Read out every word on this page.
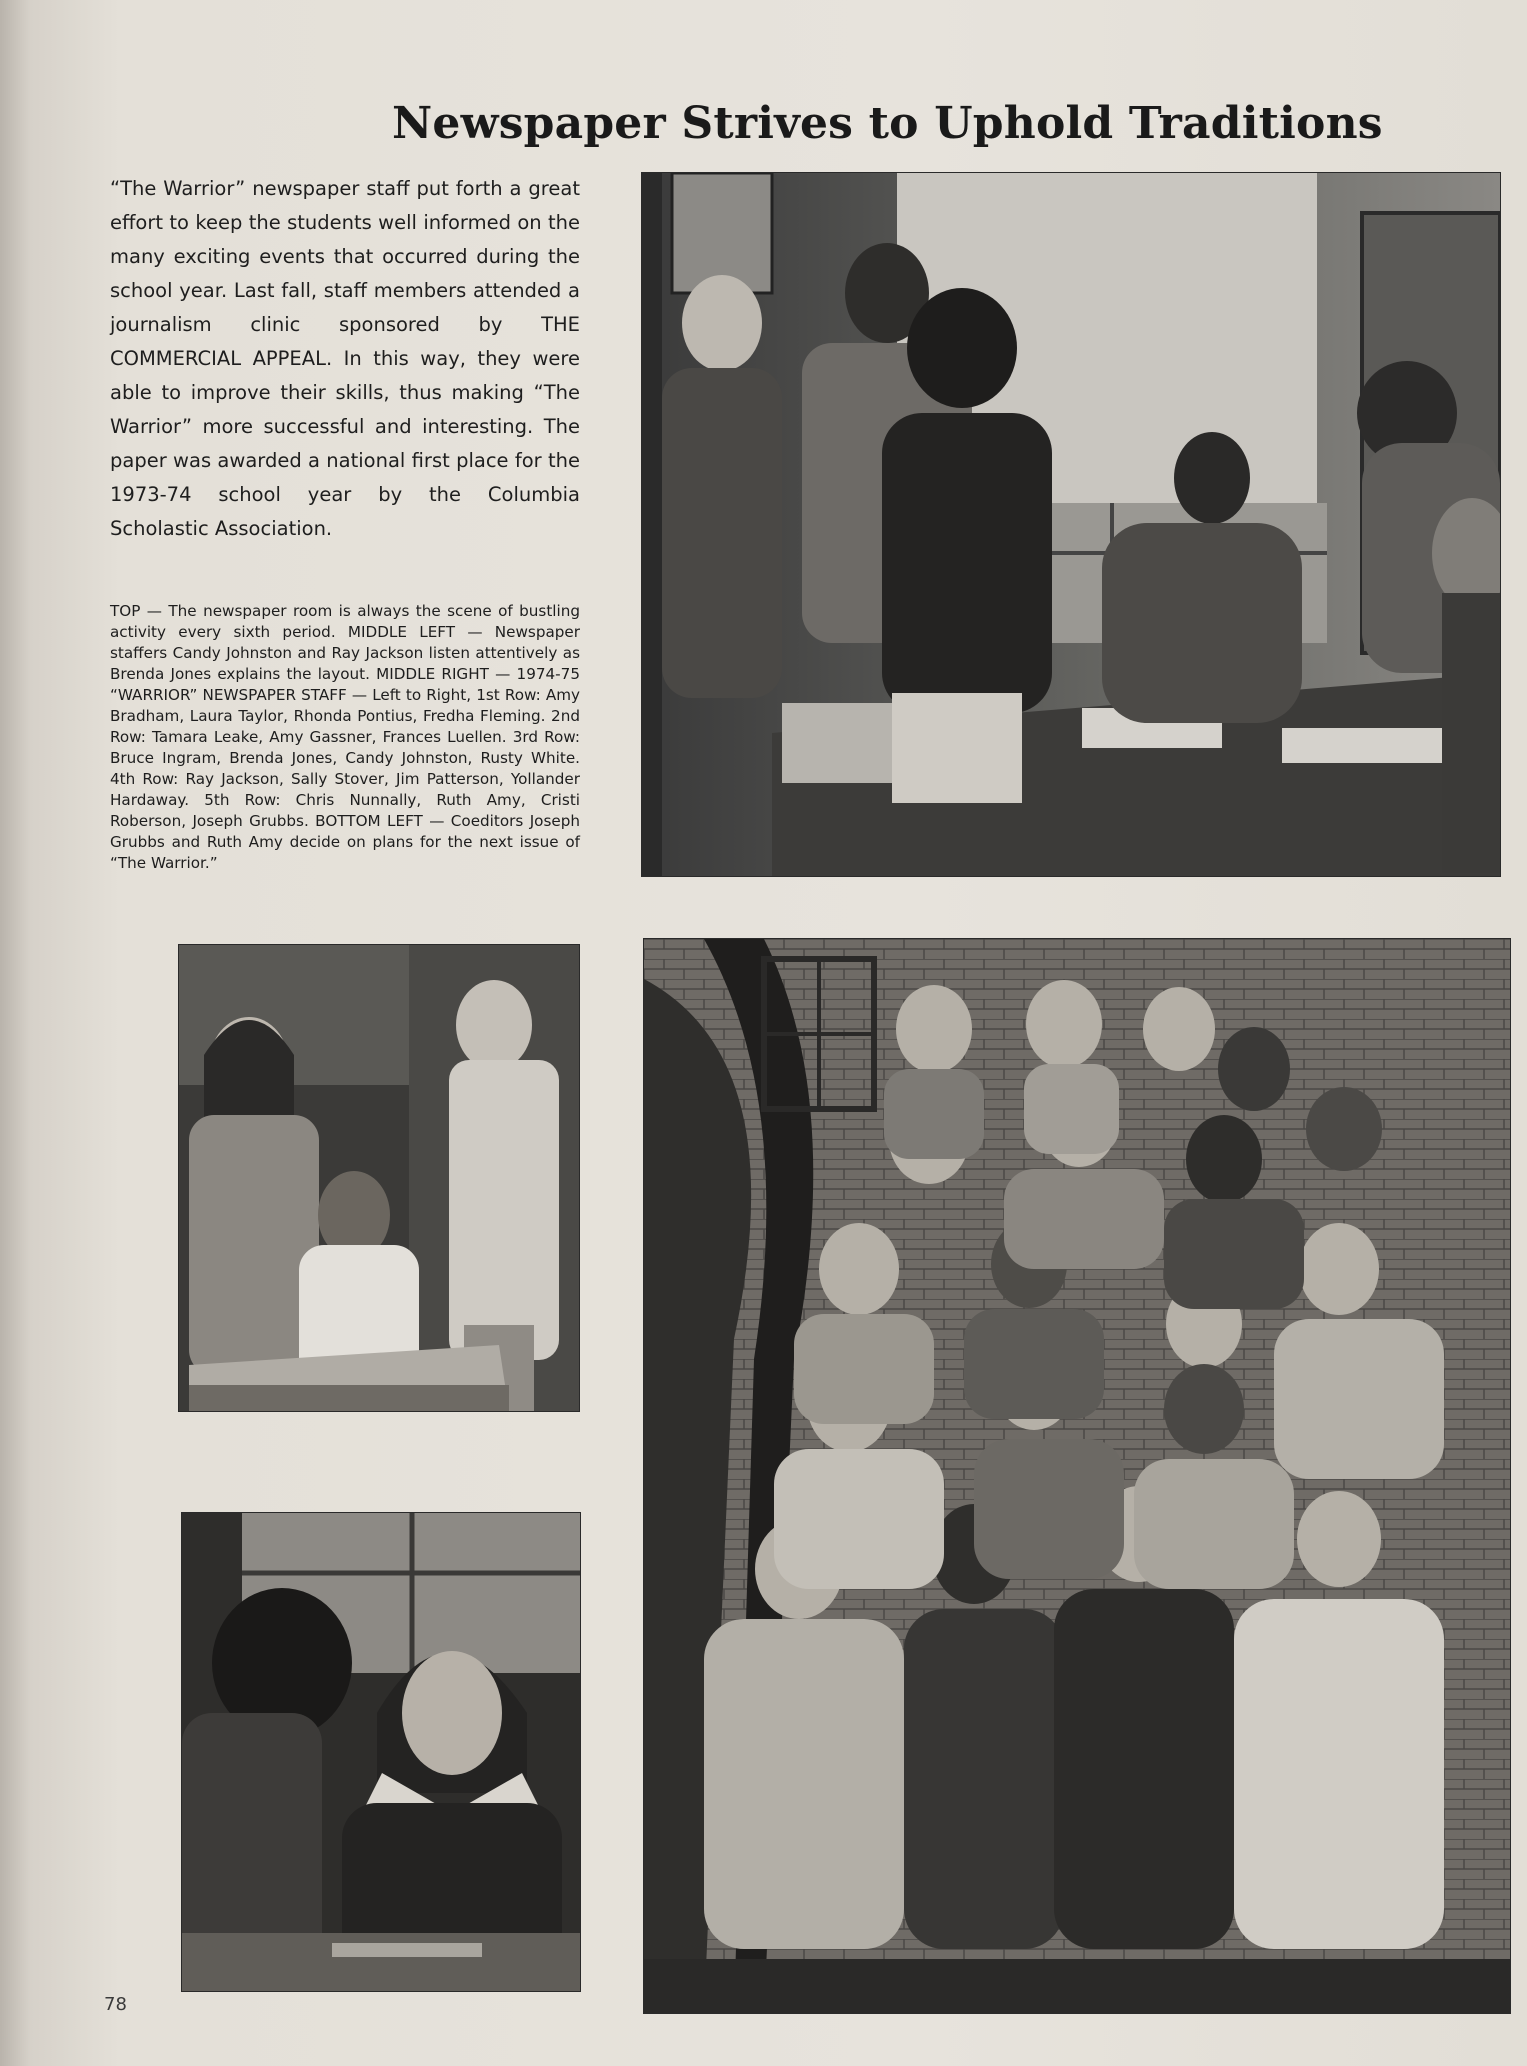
Newspaper Strives to Uphold Traditions

“The Warrior” newspaper staff put forth a great effort to keep the students well informed on the many exciting events that occurred during the school year. Last fall, staff members attended a journalism clinic sponsored by THE COMMERCIAL APPEAL. In this way, they were able to improve their skills, thus making “The Warrior” more successful and interesting. The paper was awarded a national first place for the 1973-74 school year by the Columbia Scholastic Association.

TOP — The newspaper room is always the scene of bustling activity every sixth period. MIDDLE LEFT — Newspaper staffers Candy Johnston and Ray Jackson listen attentively as Brenda Jones explains the layout. MIDDLE RIGHT — 1974-75 “WARRIOR” NEWSPAPER STAFF — Left to Right, 1st Row: Amy Bradham, Laura Taylor, Rhonda Pontius, Fredha Fleming. 2nd Row: Tamara Leake, Amy Gassner, Frances Luellen. 3rd Row: Bruce Ingram, Brenda Jones, Candy Johnston, Rusty White. 4th Row: Ray Jackson, Sally Stover, Jim Patterson, Yollander Hardaway. 5th Row: Chris Nunnally, Ruth Amy, Cristi Roberson, Joseph Grubbs. BOTTOM LEFT — Coeditors Joseph Grubbs and Ruth Amy decide on plans for the next issue of “The Warrior.”

78
